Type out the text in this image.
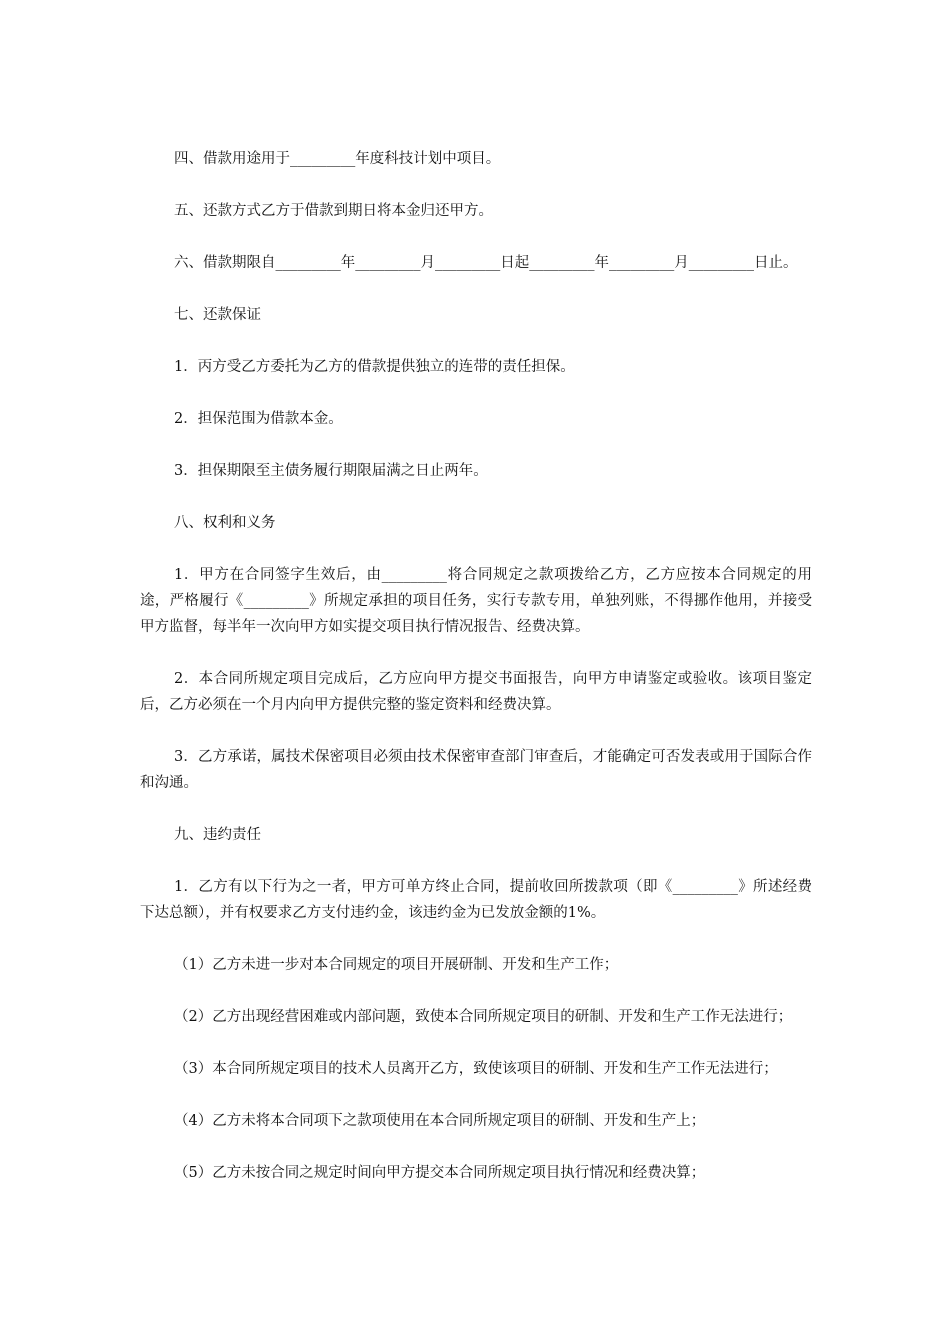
四、借款用途用于_________年度科技计划中项目。

五、还款方式乙方于借款到期日将本金归还甲方。

六、借款期限自_________年_________月_________日起_________年_________月_________日止。

七、还款保证

1．丙方受乙方委托为乙方的借款提供独立的连带的责任担保。

2．担保范围为借款本金。

3．担保期限至主债务履行期限届满之日止两年。

八、权利和义务

1．甲方在合同签字生效后，由_________将合同规定之款项拨给乙方，乙方应按本合同规定的用途，严格履行《_________》所规定承担的项目任务，实行专款专用，单独列账，不得挪作他用，并接受甲方监督，每半年一次向甲方如实提交项目执行情况报告、经费决算。

2．本合同所规定项目完成后，乙方应向甲方提交书面报告，向甲方申请鉴定或验收。该项目鉴定后，乙方必须在一个月内向甲方提供完整的鉴定资料和经费决算。

3．乙方承诺，属技术保密项目必须由技术保密审查部门审查后，才能确定可否发表或用于国际合作和沟通。

九、违约责任

1．乙方有以下行为之一者，甲方可单方终止合同，提前收回所拨款项（即《_________》所述经费下达总额），并有权要求乙方支付违约金，该违约金为已发放金额的1%。

（1）乙方未进一步对本合同规定的项目开展研制、开发和生产工作；

（2）乙方出现经营困难或内部问题，致使本合同所规定项目的研制、开发和生产工作无法进行；

（3）本合同所规定项目的技术人员离开乙方，致使该项目的研制、开发和生产工作无法进行；

（4）乙方未将本合同项下之款项使用在本合同所规定项目的研制、开发和生产上；

（5）乙方未按合同之规定时间向甲方提交本合同所规定项目执行情况和经费决算；
